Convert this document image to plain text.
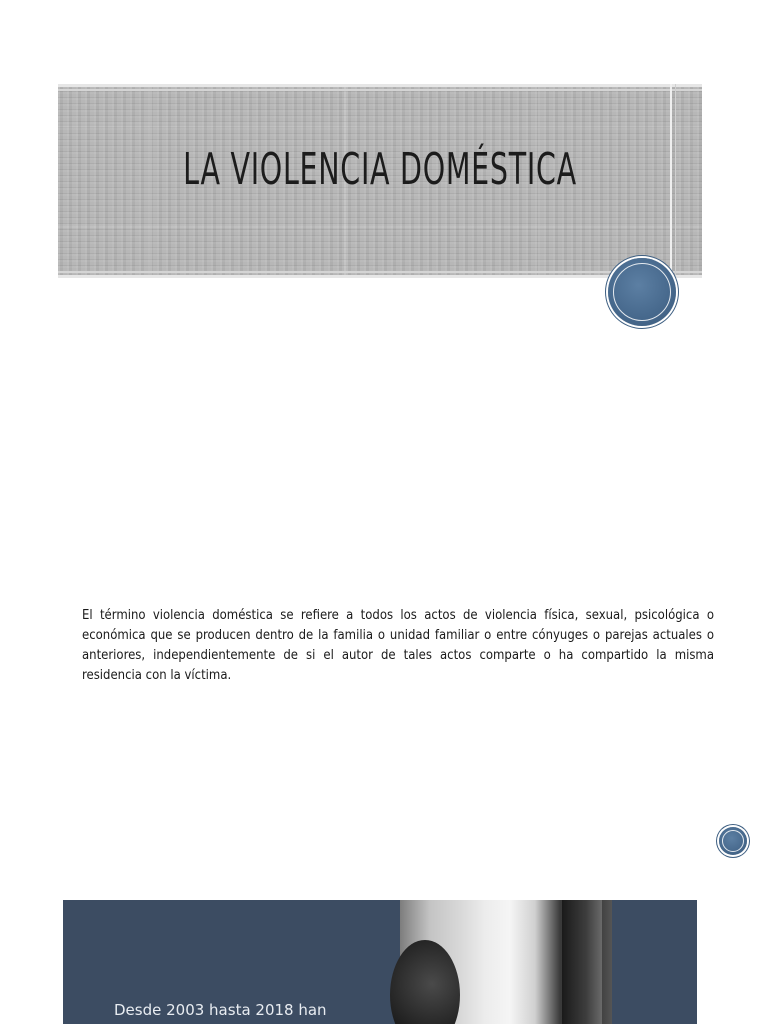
LA VIOLENCIA DOMÉSTICA

El término violencia doméstica se refiere a todos los actos de violencia física, sexual, psicológica o económica que se producen dentro de la familia o unidad familiar o entre cónyuges o parejas actuales o anteriores, independientemente de si el autor de tales actos comparte o ha compartido la misma residencia con la víctima.

Desde 2003 hasta 2018 han
